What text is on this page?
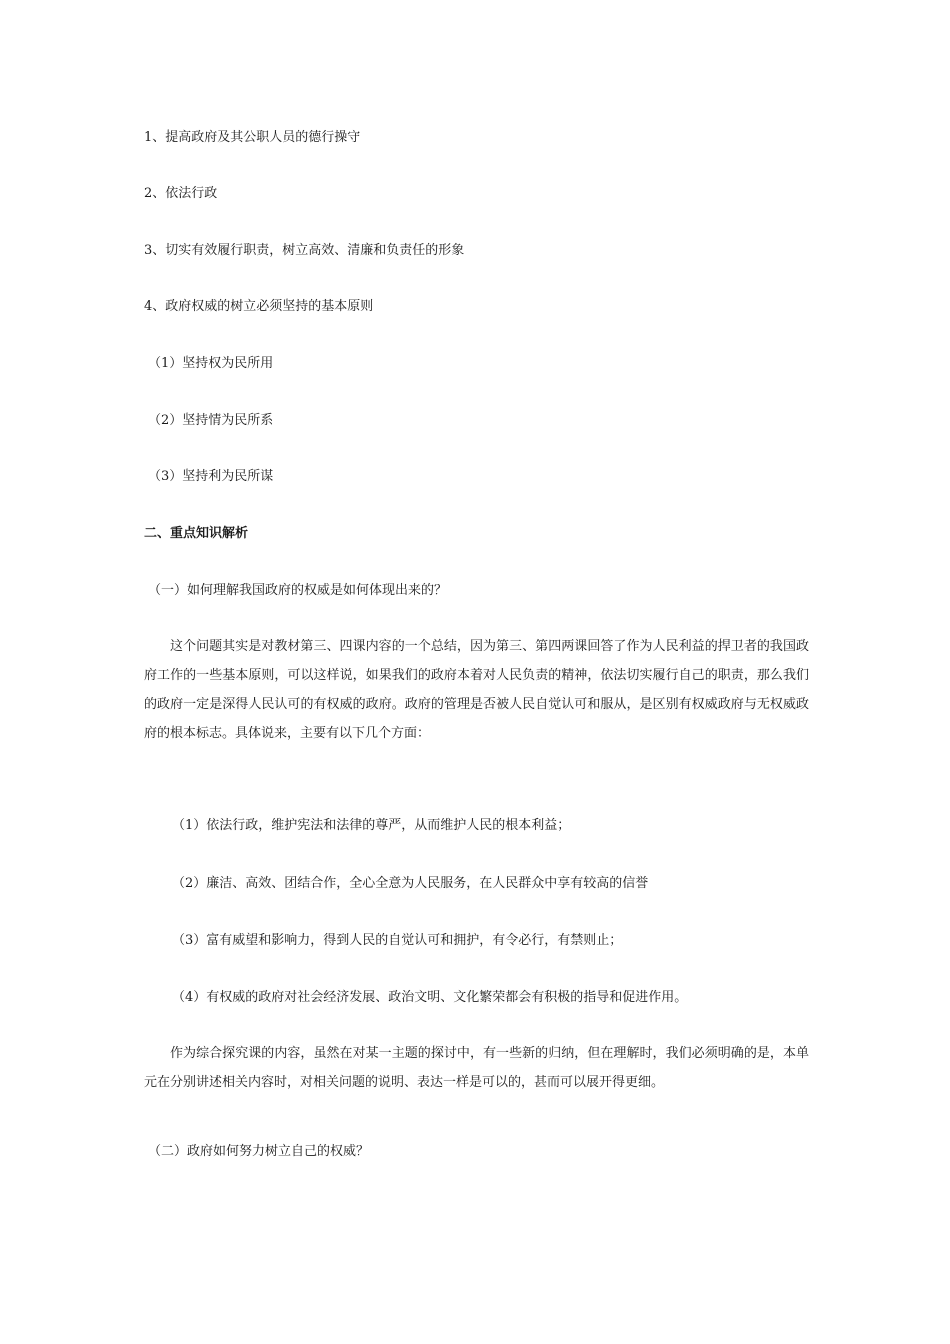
1、提高政府及其公职人员的德行操守
2、依法行政
3、切实有效履行职责，树立高效、清廉和负责任的形象
4、政府权威的树立必须坚持的基本原则
（1）坚持权为民所用
（2）坚持情为民所系
（3）坚持利为民所谋
二、重点知识解析
（一）如何理解我国政府的权威是如何体现出来的？
这个问题其实是对教材第三、四课内容的一个总结，因为第三、第四两课回答了作为人民利益的捍卫者的我国政府工作的一些基本原则，可以这样说，如果我们的政府本着对人民负责的精神，依法切实履行自己的职责，那么我们的政府一定是深得人民认可的有权威的政府。政府的管理是否被人民自觉认可和服从，是区别有权威政府与无权威政府的根本标志。具体说来，主要有以下几个方面：
（1）依法行政，维护宪法和法律的尊严，从而维护人民的根本利益；
（2）廉洁、高效、团结合作，全心全意为人民服务，在人民群众中享有较高的信誉
（3）富有威望和影响力，得到人民的自觉认可和拥护，有令必行，有禁则止；
（4）有权威的政府对社会经济发展、政治文明、文化繁荣都会有积极的指导和促进作用。
作为综合探究课的内容，虽然在对某一主题的探讨中，有一些新的归纳，但在理解时，我们必须明确的是，本单元在分别讲述相关内容时，对相关问题的说明、表达一样是可以的，甚而可以展开得更细。
（二）政府如何努力树立自己的权威？
